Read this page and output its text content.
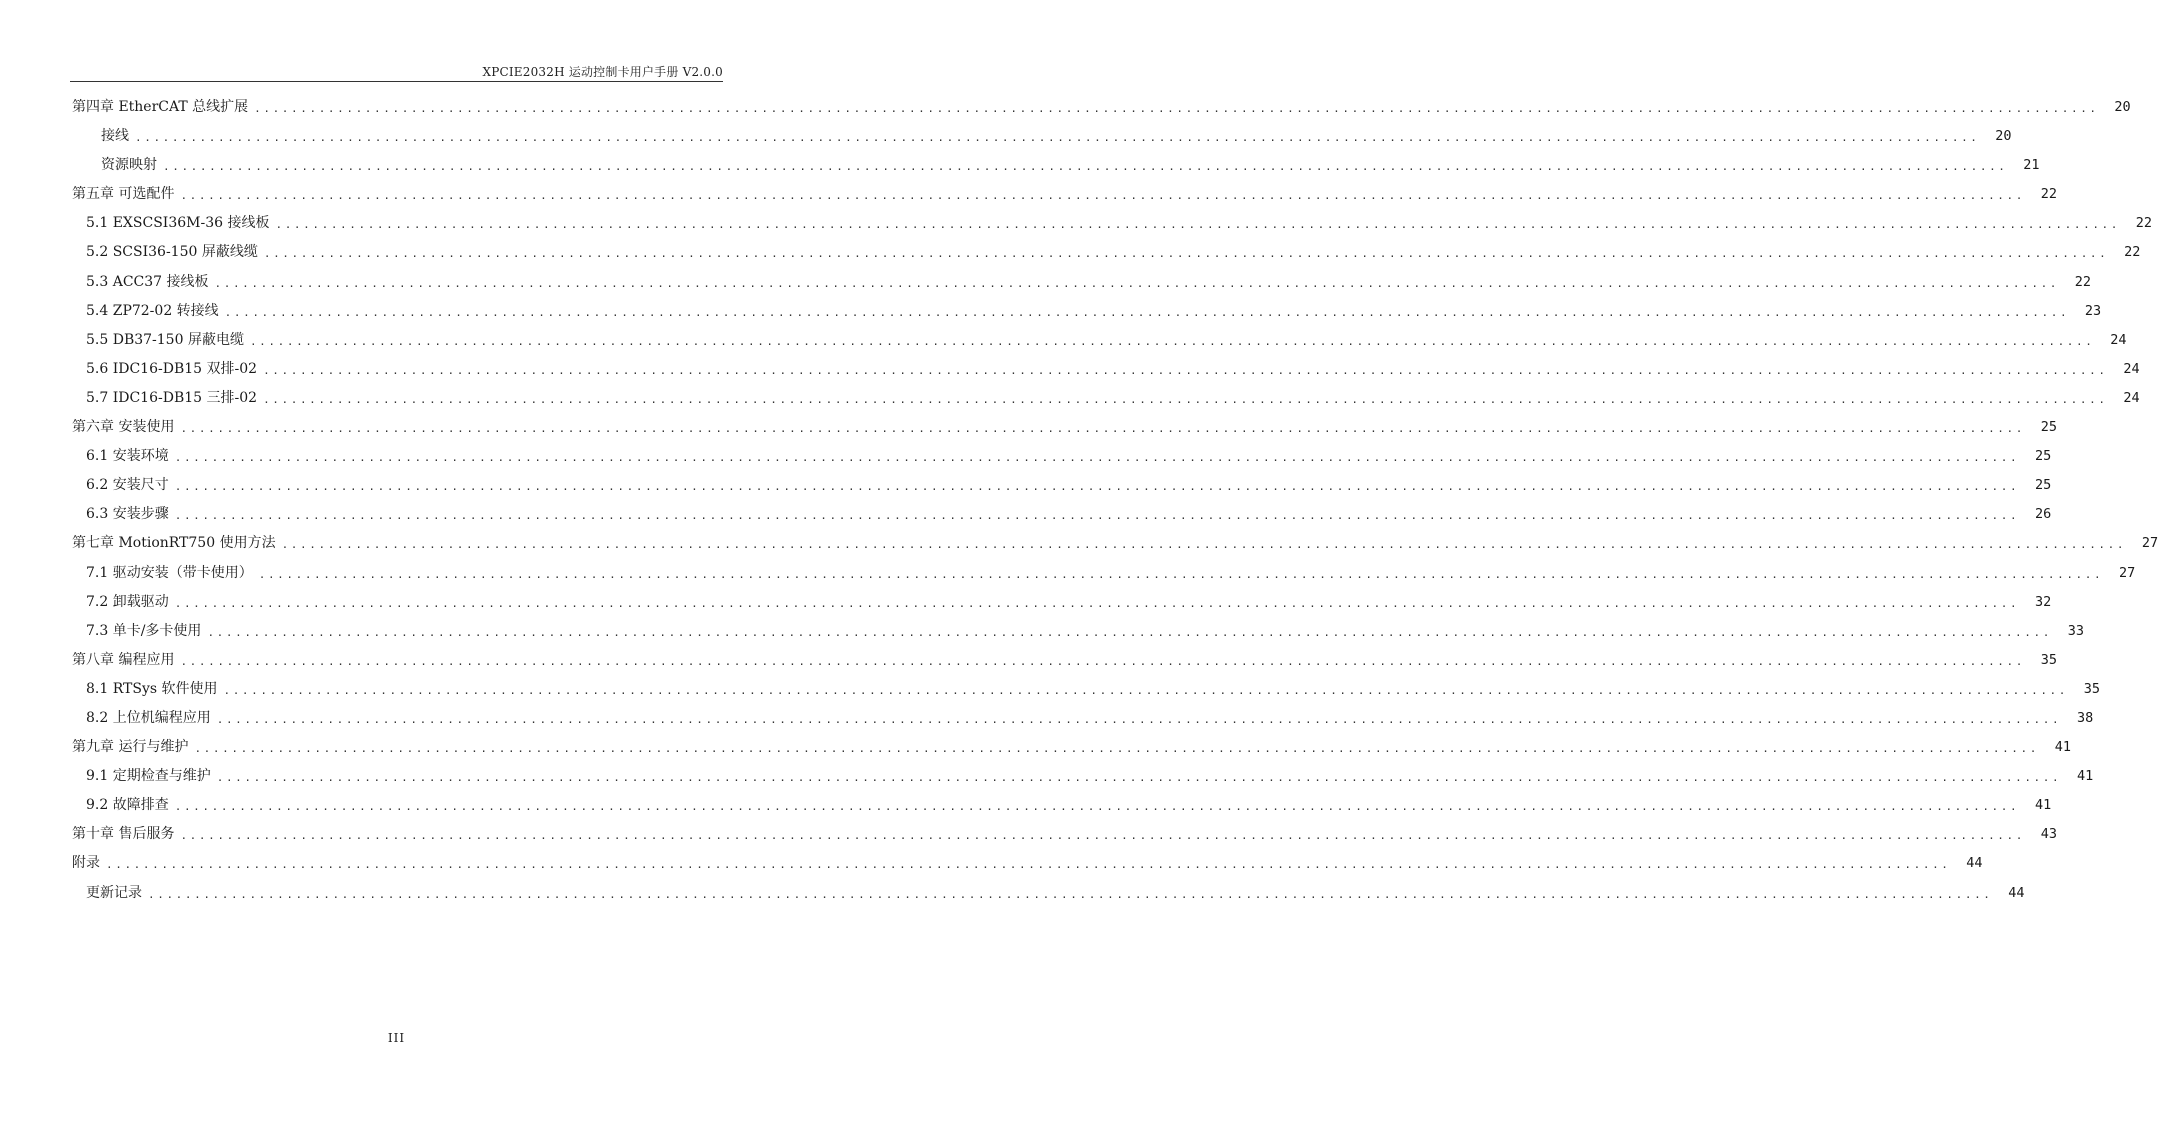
XPCIE2032H 运动控制卡用户手册 V2.0.0
第四章 EtherCAT 总线扩展 ........................................................................................................................................................................................................	20
接线 ........................................................................................................................................................................................................	20
资源映射 ........................................................................................................................................................................................................	21
第五章 可选配件 ........................................................................................................................................................................................................	22
5.1 EXSCSI36M-36 接线板 ........................................................................................................................................................................................................	22
5.2 SCSI36-150 屏蔽线缆 ........................................................................................................................................................................................................	22
5.3 ACC37 接线板 ........................................................................................................................................................................................................	22
5.4 ZP72-02 转接线 ........................................................................................................................................................................................................	23
5.5 DB37-150 屏蔽电缆 ........................................................................................................................................................................................................	24
5.6 IDC16-DB15 双排-02 ........................................................................................................................................................................................................	24
5.7 IDC16-DB15 三排-02 ........................................................................................................................................................................................................	24
第六章 安装使用 ........................................................................................................................................................................................................	25
6.1 安装环境 ........................................................................................................................................................................................................	25
6.2 安装尺寸 ........................................................................................................................................................................................................	25
6.3 安装步骤 ........................................................................................................................................................................................................	26
第七章 MotionRT750 使用方法 ........................................................................................................................................................................................................	27
7.1 驱动安装（带卡使用） ........................................................................................................................................................................................................	27
7.2 卸载驱动 ........................................................................................................................................................................................................	32
7.3 单卡/多卡使用 ........................................................................................................................................................................................................	33
第八章 编程应用 ........................................................................................................................................................................................................	35
8.1 RTSys 软件使用 ........................................................................................................................................................................................................	35
8.2 上位机编程应用 ........................................................................................................................................................................................................	38
第九章 运行与维护 ........................................................................................................................................................................................................	41
9.1 定期检查与维护 ........................................................................................................................................................................................................	41
9.2 故障排查 ........................................................................................................................................................................................................	41
第十章 售后服务 ........................................................................................................................................................................................................	43
附录 ........................................................................................................................................................................................................	44
更新记录 ........................................................................................................................................................................................................	44
III
